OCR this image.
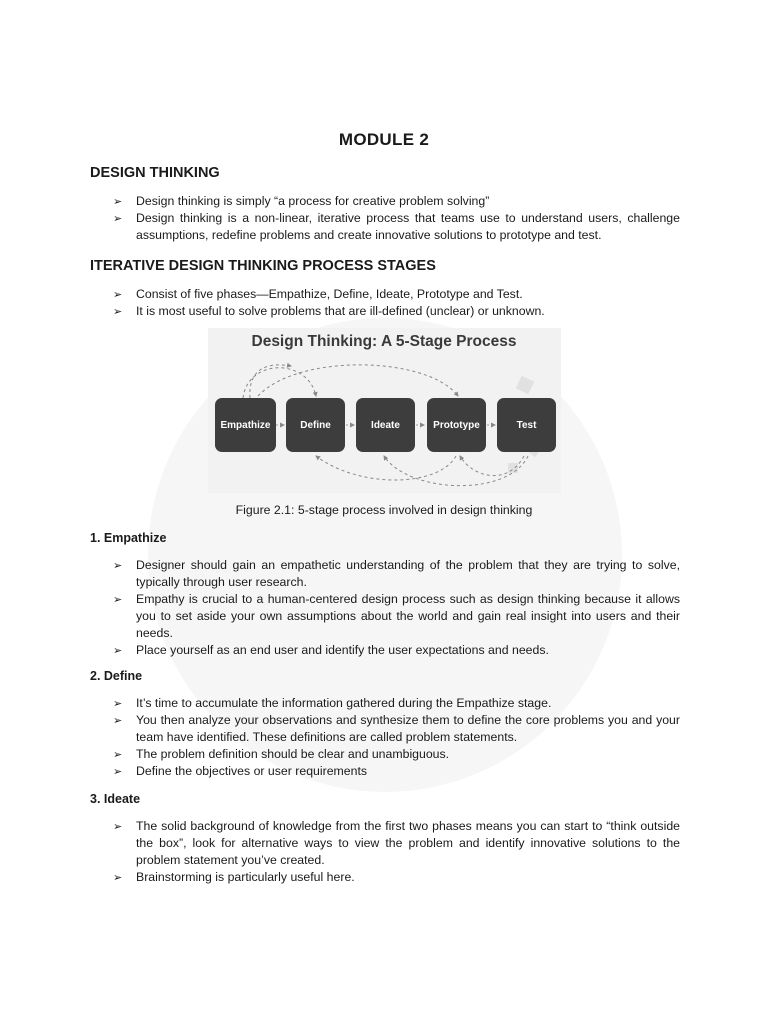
MODULE 2
DESIGN THINKING
➢ Design thinking is simply “a process for creative problem solving”
➢ Design thinking is a non-linear, iterative process that teams use to understand users, challenge assumptions, redefine problems and create innovative solutions to prototype and test.
ITERATIVE DESIGN THINKING PROCESS STAGES
➢ Consist of five phases—Empathize, Define, Ideate, Prototype and Test.
➢ It is most useful to solve problems that are ill-defined (unclear) or unknown.
Design Thinking: A 5-Stage Process
Empathize	Define	Ideate	Prototype	Test
Figure 2.1: 5-stage process involved in design thinking
1. Empathize
➢ Designer should gain an empathetic understanding of the problem that they are trying to solve, typically through user research.
➢ Empathy is crucial to a human-centered design process such as design thinking because it allows you to set aside your own assumptions about the world and gain real insight into users and their needs.
➢ Place yourself as an end user and identify the user expectations and needs.
2. Define
➢ It’s time to accumulate the information gathered during the Empathize stage.
➢ You then analyze your observations and synthesize them to define the core problems you and your team have identified. These definitions are called problem statements.
➢ The problem definition should be clear and unambiguous.
➢ Define the objectives or user requirements
3. Ideate
➢ The solid background of knowledge from the first two phases means you can start to “think outside the box”, look for alternative ways to view the problem and identify innovative solutions to the problem statement you’ve created.
➢ Brainstorming is particularly useful here.
